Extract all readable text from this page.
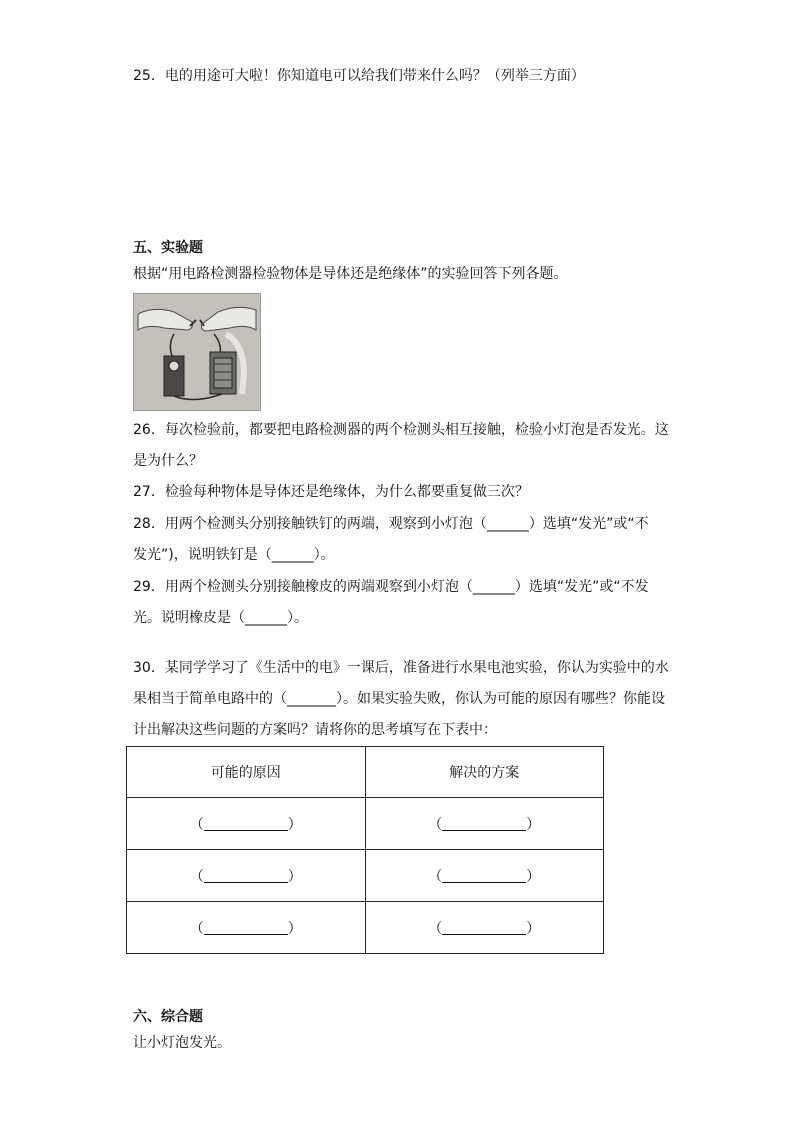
25．电的用途可大啦！你知道电可以给我们带来什么吗？（列举三方面）
五、实验题
根据“用电路检测器检验物体是导体还是绝缘体”的实验回答下列各题。
26．每次检验前，都要把电路检测器的两个检测头相互接触，检验小灯泡是否发光。这
是为什么？
27．检验每种物体是导体还是绝缘体，为什么都要重复做三次？
28．用两个检测头分别接触铁钉的两端，观察到小灯泡（______）选填“发光”或“不
发光”)，说明铁钉是（______）。
29．用两个检测头分别接触橡皮的两端观察到小灯泡（______）选填“发光”或“不发
光。说明橡皮是（______）。
30．某同学学习了《生活中的电》一课后，准备进行水果电池实验，你认为实验中的水
果相当于简单电路中的（_______）。如果实验失败，你认为可能的原因有哪些？你能设
计出解决这些问题的方案吗？请将你的思考填写在下表中：
可能的原因	解决的方案
（ ）	（ ）
（ ）	（ ）
（ ）	（ ）
六、综合题
让小灯泡发光。
